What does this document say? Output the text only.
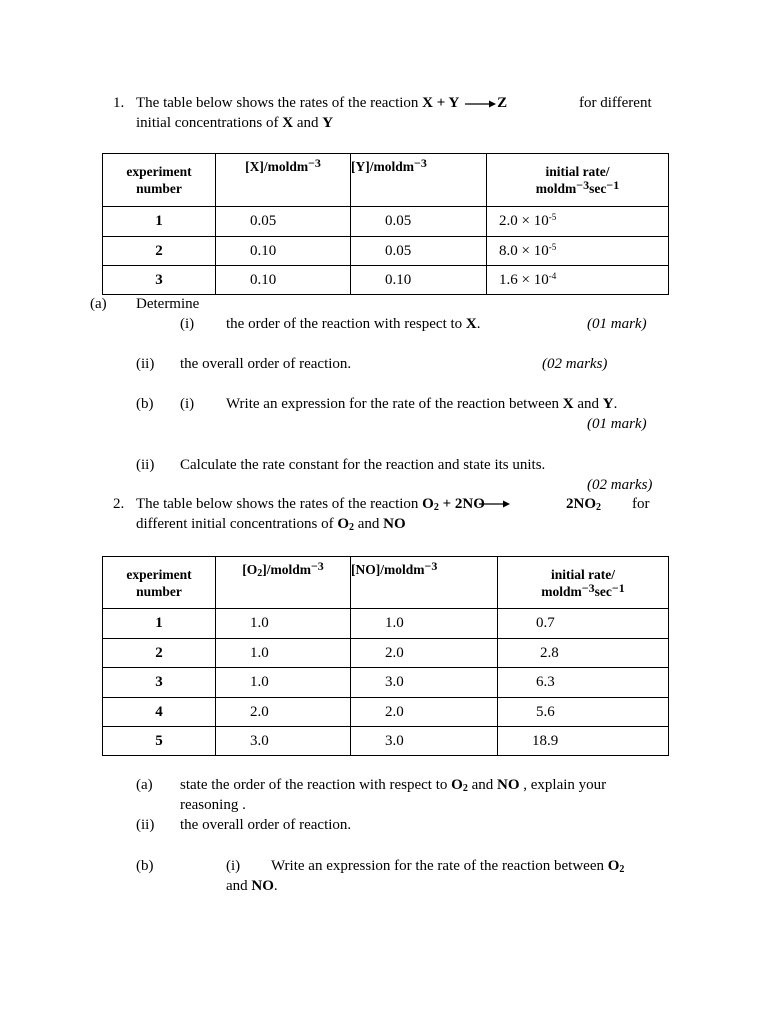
1. The table below shows the rates of the reaction X + Y →Z	for different
initial concentrations of X and Y
experiment
number	[X]/moldm−3	[Y]/moldm−3	initial rate/
moldm−3sec−1
1	0.05	0.05	$2.0 \times 10^{-5}$
2	0.10	0.05	$8.0 \times 10^{-5}$
3	0.10	0.10	$1.6 \times 10^{-4}$
(a) Determine
(i) the order of the reaction with respect to X.	(01 mark)
(ii) the overall order of reaction.	(02 marks)
(b) (i) Write an expression for the rate of the reaction between X and Y.
(01 mark)
(ii) Calculate the rate constant for the reaction and state its units.
(02 marks)
2. The table below shows the rates of the reaction $O_2 + 2NO$	$2NO_2$ for
different initial concentrations of $O_2$ and NO
experiment
number	$[O_2]/moldm-3$	[NO]/moldm−3	initial rate/
moldm−3sec−1
1	1.0	1.0	0.7
2	1.0	2.0	2.8
3	1.0	3.0	6.3
4	2.0	2.0	5.6
5	3.0	3.0	18.9
(a) state the order of the reaction with respect to $O_2$ and NO , explain your
reasoning .
(ii) the overall order of reaction.
(b)	(i) Write an expression for the rate of the reaction between $O_2$
and NO.
